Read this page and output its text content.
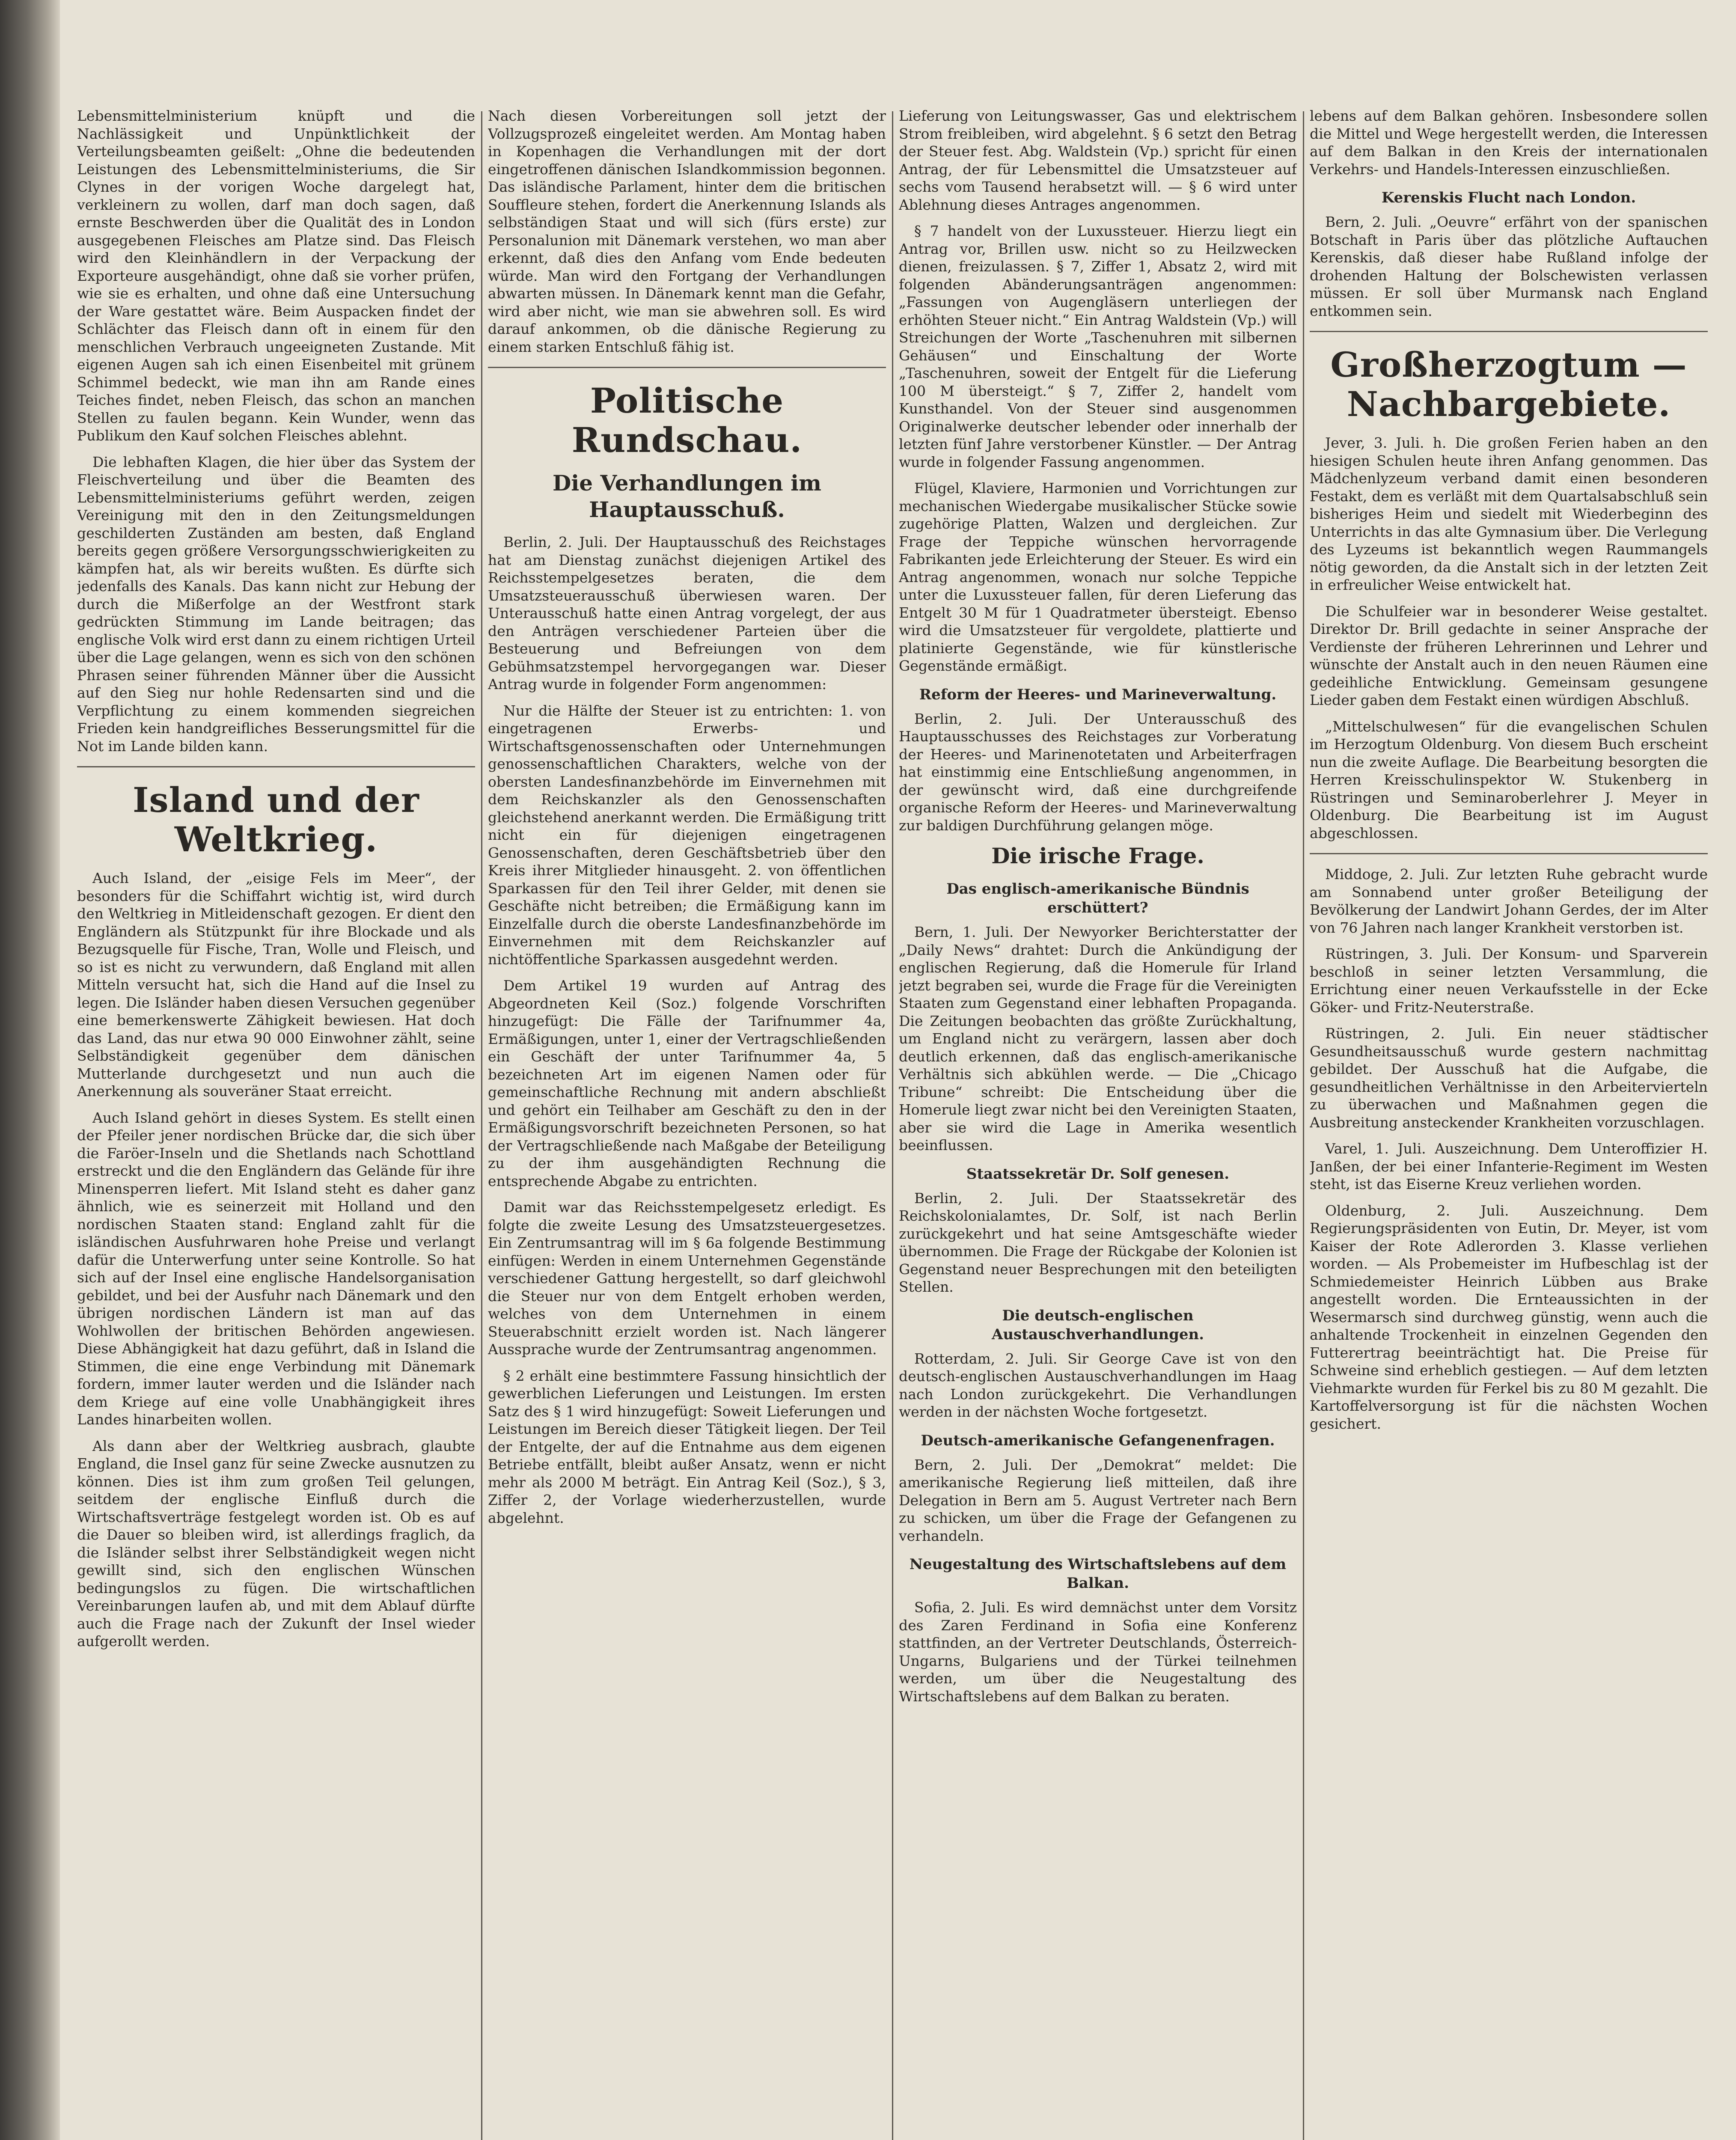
Lebensmittelministerium knüpft und die Nachlässigkeit und Unpünktlichkeit der Verteilungsbeamten geißelt: „Ohne die bedeutenden Leistungen des Lebensmittelministeriums, die Sir Clynes in der vorigen Woche dargelegt hat, verkleinern zu wollen, darf man doch sagen, daß ernste Beschwerden über die Qualität des in London ausgegebenen Fleisches am Platze sind. Das Fleisch wird den Kleinhändlern in der Verpackung der Exporteure ausgehändigt, ohne daß sie vorher prüfen, wie sie es erhalten, und ohne daß eine Untersuchung der Ware gestattet wäre. Beim Auspacken findet der Schlächter das Fleisch dann oft in einem für den menschlichen Verbrauch ungeeigneten Zustande. Mit eigenen Augen sah ich einen Eisenbeitel mit grünem Schimmel bedeckt, wie man ihn am Rande eines Teiches findet, neben Fleisch, das schon an manchen Stellen zu faulen begann. Kein Wunder, wenn das Publikum den Kauf solchen Fleisches ablehnt.

Die lebhaften Klagen, die hier über das System der Fleischverteilung und über die Beamten des Lebensmittelministeriums geführt werden, zeigen Vereinigung mit den in den Zeitungsmeldungen geschilderten Zuständen am besten, daß England bereits gegen größere Versorgungsschwierigkeiten zu kämpfen hat, als wir bereits wußten. Es dürfte sich jedenfalls des Kanals. Das kann nicht zur Hebung der durch die Mißerfolge an der Westfront stark gedrückten Stimmung im Lande beitragen; das englische Volk wird erst dann zu einem richtigen Urteil über die Lage gelangen, wenn es sich von den schönen Phrasen seiner führenden Männer über die Aussicht auf den Sieg nur hohle Redensarten sind und die Verpflichtung zu einem kommenden siegreichen Frieden kein handgreifliches Besserungsmittel für die Not im Lande bilden kann.

Island und der Weltkrieg.

Auch Island, der „eisige Fels im Meer“, der besonders für die Schiffahrt wichtig ist, wird durch den Weltkrieg in Mitleidenschaft gezogen. Er dient den Engländern als Stützpunkt für ihre Blockade und als Bezugsquelle für Fische, Tran, Wolle und Fleisch, und so ist es nicht zu verwundern, daß England mit allen Mitteln versucht hat, sich die Hand auf die Insel zu legen. Die Isländer haben diesen Versuchen gegenüber eine bemerkenswerte Zähigkeit bewiesen. Hat doch das Land, das nur etwa 90 000 Einwohner zählt, seine Selbständigkeit gegenüber dem dänischen Mutterlande durchgesetzt und nun auch die Anerkennung als souveräner Staat erreicht.

Auch Island gehört in dieses System. Es stellt einen der Pfeiler jener nordischen Brücke dar, die sich über die Faröer-Inseln und die Shetlands nach Schottland erstreckt und die den Engländern das Gelände für ihre Minensperren liefert. Mit Island steht es daher ganz ähnlich, wie es seinerzeit mit Holland und den nordischen Staaten stand: England zahlt für die isländischen Ausfuhrwaren hohe Preise und verlangt dafür die Unterwerfung unter seine Kontrolle. So hat sich auf der Insel eine englische Handelsorganisation gebildet, und bei der Ausfuhr nach Dänemark und den übrigen nordischen Ländern ist man auf das Wohlwollen der britischen Behörden angewiesen. Diese Abhängigkeit hat dazu geführt, daß in Island die Stimmen, die eine enge Verbindung mit Dänemark fordern, immer lauter werden und die Isländer nach dem Kriege auf eine volle Unabhängigkeit ihres Landes hinarbeiten wollen.

Als dann aber der Weltkrieg ausbrach, glaubte England, die Insel ganz für seine Zwecke ausnutzen zu können. Dies ist ihm zum großen Teil gelungen, seitdem der englische Einfluß durch die Wirtschaftsverträge festgelegt worden ist. Ob es auf die Dauer so bleiben wird, ist allerdings fraglich, da die Isländer selbst ihrer Selbständigkeit wegen nicht gewillt sind, sich den englischen Wünschen bedingungslos zu fügen. Die wirtschaftlichen Vereinbarungen laufen ab, und mit dem Ablauf dürfte auch die Frage nach der Zukunft der Insel wieder aufgerollt werden.

Nach diesen Vorbereitungen soll jetzt der Vollzugsprozeß eingeleitet werden. Am Montag haben in Kopenhagen die Verhandlungen mit der dort eingetroffenen dänischen Islandkommission begonnen. Das isländische Parlament, hinter dem die britischen Souffleure stehen, fordert die Anerkennung Islands als selbständigen Staat und will sich (fürs erste) zur Personalunion mit Dänemark verstehen, wo man aber erkennt, daß dies den Anfang vom Ende bedeuten würde. Man wird den Fortgang der Verhandlungen abwarten müssen. In Dänemark kennt man die Gefahr, wird aber nicht, wie man sie abwehren soll. Es wird darauf ankommen, ob die dänische Regierung zu einem starken Entschluß fähig ist.

Politische Rundschau.
Die Verhandlungen im Hauptausschuß.

Berlin, 2. Juli. Der Hauptausschuß des Reichstages hat am Dienstag zunächst diejenigen Artikel des Reichsstempelgesetzes beraten, die dem Umsatzsteuerausschuß überwiesen waren. Der Unterausschuß hatte einen Antrag vorgelegt, der aus den Anträgen verschiedener Parteien über die Besteuerung und Befreiungen von dem Gebühmsatzstempel hervorgegangen war. Dieser Antrag wurde in folgender Form angenommen:

Nur die Hälfte der Steuer ist zu entrichten: 1. von eingetragenen Erwerbs- und Wirtschaftsgenossenschaften oder Unternehmungen genossenschaftlichen Charakters, welche von der obersten Landesfinanzbehörde im Einvernehmen mit dem Reichskanzler als den Genossenschaften gleichstehend anerkannt werden. Die Ermäßigung tritt nicht ein für diejenigen eingetragenen Genossenschaften, deren Geschäftsbetrieb über den Kreis ihrer Mitglieder hinausgeht. 2. von öffentlichen Sparkassen für den Teil ihrer Gelder, mit denen sie Geschäfte nicht betreiben; die Ermäßigung kann im Einzelfalle durch die oberste Landesfinanzbehörde im Einvernehmen mit dem Reichskanzler auf nichtöffentliche Sparkassen ausgedehnt werden.

Dem Artikel 19 wurden auf Antrag des Abgeordneten Keil (Soz.) folgende Vorschriften hinzugefügt: Die Fälle der Tarifnummer 4a, Ermäßigungen, unter 1, einer der Vertragschließenden ein Geschäft der unter Tarifnummer 4a, 5 bezeichneten Art im eigenen Namen oder für gemeinschaftliche Rechnung mit andern abschließt und gehört ein Teilhaber am Geschäft zu den in der Ermäßigungsvorschrift bezeichneten Personen, so hat der Vertragschließende nach Maßgabe der Beteiligung zu der ihm ausgehändigten Rechnung die entsprechende Abgabe zu entrichten.

Damit war das Reichsstempelgesetz erledigt. Es folgte die zweite Lesung des Umsatzsteuergesetzes. Ein Zentrumsantrag will im § 6a folgende Bestimmung einfügen: Werden in einem Unternehmen Gegenstände verschiedener Gattung hergestellt, so darf gleichwohl die Steuer nur von dem Entgelt erhoben werden, welches von dem Unternehmen in einem Steuerabschnitt erzielt worden ist. Nach längerer Aussprache wurde der Zentrumsantrag angenommen.

§ 2 erhält eine bestimmtere Fassung hinsichtlich der gewerblichen Lieferungen und Leistungen. Im ersten Satz des § 1 wird hinzugefügt: Soweit Lieferungen und Leistungen im Bereich dieser Tätigkeit liegen. Der Teil der Entgelte, der auf die Entnahme aus dem eigenen Betriebe entfällt, bleibt außer Ansatz, wenn er nicht mehr als 2000 M beträgt. Ein Antrag Keil (Soz.), § 3, Ziffer 2, der Vorlage wiederherzustellen, wurde abgelehnt.

Lieferung von Leitungswasser, Gas und elektrischem Strom freibleiben, wird abgelehnt. § 6 setzt den Betrag der Steuer fest. Abg. Waldstein (Vp.) spricht für einen Antrag, der für Lebensmittel die Umsatzsteuer auf sechs vom Tausend herabsetzt will. — § 6 wird unter Ablehnung dieses Antrages angenommen.

§ 7 handelt von der Luxussteuer. Hierzu liegt ein Antrag vor, Brillen usw. nicht so zu Heilzwecken dienen, freizulassen. § 7, Ziffer 1, Absatz 2, wird mit folgenden Abänderungsanträgen angenommen: „Fassungen von Augengläsern unterliegen der erhöhten Steuer nicht.“ Ein Antrag Waldstein (Vp.) will Streichungen der Worte „Taschenuhren mit silbernen Gehäusen“ und Einschaltung der Worte „Taschenuhren, soweit der Entgelt für die Lieferung 100 M übersteigt.“ § 7, Ziffer 2, handelt vom Kunsthandel. Von der Steuer sind ausgenommen Originalwerke deutscher lebender oder innerhalb der letzten fünf Jahre verstorbener Künstler. — Der Antrag wurde in folgender Fassung angenommen.

Flügel, Klaviere, Harmonien und Vorrichtungen zur mechanischen Wiedergabe musikalischer Stücke sowie zugehörige Platten, Walzen und dergleichen. Zur Frage der Teppiche wünschen hervorragende Fabrikanten jede Erleichterung der Steuer. Es wird ein Antrag angenommen, wonach nur solche Teppiche unter die Luxussteuer fallen, für deren Lieferung das Entgelt 30 M für 1 Quadratmeter übersteigt. Ebenso wird die Umsatzsteuer für vergoldete, plattierte und platinierte Gegenstände, wie für künstlerische Gegenstände ermäßigt.

Reform der Heeres- und Marineverwaltung.

Berlin, 2. Juli. Der Unterausschuß des Hauptausschusses des Reichstages zur Vorberatung der Heeres- und Marinenotetaten und Arbeiterfragen hat einstimmig eine Entschließung angenommen, in der gewünscht wird, daß eine durchgreifende organische Reform der Heeres- und Marineverwaltung zur baldigen Durchführung gelangen möge.

Die irische Frage.
Das englisch-amerikanische Bündnis erschüttert?

Bern, 1. Juli. Der Newyorker Berichterstatter der „Daily News“ drahtet: Durch die Ankündigung der englischen Regierung, daß die Homerule für Irland jetzt begraben sei, wurde die Frage für die Vereinigten Staaten zum Gegenstand einer lebhaften Propaganda. Die Zeitungen beobachten das größte Zurückhaltung, um England nicht zu verärgern, lassen aber doch deutlich erkennen, daß das englisch-amerikanische Verhältnis sich abkühlen werde. — Die „Chicago Tribune“ schreibt: Die Entscheidung über die Homerule liegt zwar nicht bei den Vereinigten Staaten, aber sie wird die Lage in Amerika wesentlich beeinflussen.

Staatssekretär Dr. Solf genesen.

Berlin, 2. Juli. Der Staatssekretär des Reichskolonialamtes, Dr. Solf, ist nach Berlin zurückgekehrt und hat seine Amtsgeschäfte wieder übernommen. Die Frage der Rückgabe der Kolonien ist Gegenstand neuer Besprechungen mit den beteiligten Stellen.

Die deutsch-englischen Austauschverhandlungen.

Rotterdam, 2. Juli. Sir George Cave ist von den deutsch-englischen Austauschverhandlungen im Haag nach London zurückgekehrt. Die Verhandlungen werden in der nächsten Woche fortgesetzt.

Deutsch-amerikanische Gefangenenfragen.

Bern, 2. Juli. Der „Demokrat“ meldet: Die amerikanische Regierung ließ mitteilen, daß ihre Delegation in Bern am 5. August Vertreter nach Bern zu schicken, um über die Frage der Gefangenen zu verhandeln.

Neugestaltung des Wirtschaftslebens auf dem Balkan.

Sofia, 2. Juli. Es wird demnächst unter dem Vorsitz des Zaren Ferdinand in Sofia eine Konferenz stattfinden, an der Vertreter Deutschlands, Österreich-Ungarns, Bulgariens und der Türkei teilnehmen werden, um über die Neugestaltung des Wirtschaftslebens auf dem Balkan zu beraten.

lebens auf dem Balkan gehören. Insbesondere sollen die Mittel und Wege hergestellt werden, die Interessen auf dem Balkan in den Kreis der internationalen Verkehrs- und Handels-Interessen einzuschließen.

Kerenskis Flucht nach London.

Bern, 2. Juli. „Oeuvre“ erfährt von der spanischen Botschaft in Paris über das plötzliche Auftauchen Kerenskis, daß dieser habe Rußland infolge der drohenden Haltung der Bolschewisten verlassen müssen. Er soll über Murmansk nach England entkommen sein.

Großherzogtum — Nachbargebiete.

Jever, 3. Juli. h. Die großen Ferien haben an den hiesigen Schulen heute ihren Anfang genommen. Das Mädchenlyzeum verband damit einen besonderen Festakt, dem es verläßt mit dem Quartalsabschluß sein bisheriges Heim und siedelt mit Wiederbeginn des Unterrichts in das alte Gymnasium über. Die Verlegung des Lyzeums ist bekanntlich wegen Raummangels nötig geworden, da die Anstalt sich in der letzten Zeit in erfreulicher Weise entwickelt hat.

Die Schulfeier war in besonderer Weise gestaltet. Direktor Dr. Brill gedachte in seiner Ansprache der Verdienste der früheren Lehrerinnen und Lehrer und wünschte der Anstalt auch in den neuen Räumen eine gedeihliche Entwicklung. Gemeinsam gesungene Lieder gaben dem Festakt einen würdigen Abschluß.

„Mittelschulwesen“ für die evangelischen Schulen im Herzogtum Oldenburg. Von diesem Buch erscheint nun die zweite Auflage. Die Bearbeitung besorgten die Herren Kreisschulinspektor W. Stukenberg in Rüstringen und Seminaroberlehrer J. Meyer in Oldenburg. Die Bearbeitung ist im August abgeschlossen.

Middoge, 2. Juli. Zur letzten Ruhe gebracht wurde am Sonnabend unter großer Beteiligung der Bevölkerung der Landwirt Johann Gerdes, der im Alter von 76 Jahren nach langer Krankheit verstorben ist.

Rüstringen, 3. Juli. Der Konsum- und Sparverein beschloß in seiner letzten Versammlung, die Errichtung einer neuen Verkaufsstelle in der Ecke Göker- und Fritz-Neuterstraße.

Rüstringen, 2. Juli. Ein neuer städtischer Gesundheitsausschuß wurde gestern nachmittag gebildet. Der Ausschuß hat die Aufgabe, die gesundheitlichen Verhältnisse in den Arbeitervierteln zu überwachen und Maßnahmen gegen die Ausbreitung ansteckender Krankheiten vorzuschlagen.

Varel, 1. Juli. Auszeichnung. Dem Unteroffizier H. Janßen, der bei einer Infanterie-Regiment im Westen steht, ist das Eiserne Kreuz verliehen worden.

Oldenburg, 2. Juli. Auszeichnung. Dem Regierungspräsidenten von Eutin, Dr. Meyer, ist vom Kaiser der Rote Adlerorden 3. Klasse verliehen worden. — Als Probemeister im Hufbeschlag ist der Schmiedemeister Heinrich Lübben aus Brake angestellt worden. Die Ernteaussichten in der Wesermarsch sind durchweg günstig, wenn auch die anhaltende Trockenheit in einzelnen Gegenden den Futterertrag beeinträchtigt hat. Die Preise für Schweine sind erheblich gestiegen. — Auf dem letzten Viehmarkte wurden für Ferkel bis zu 80 M gezahlt. Die Kartoffelversorgung ist für die nächsten Wochen gesichert.
